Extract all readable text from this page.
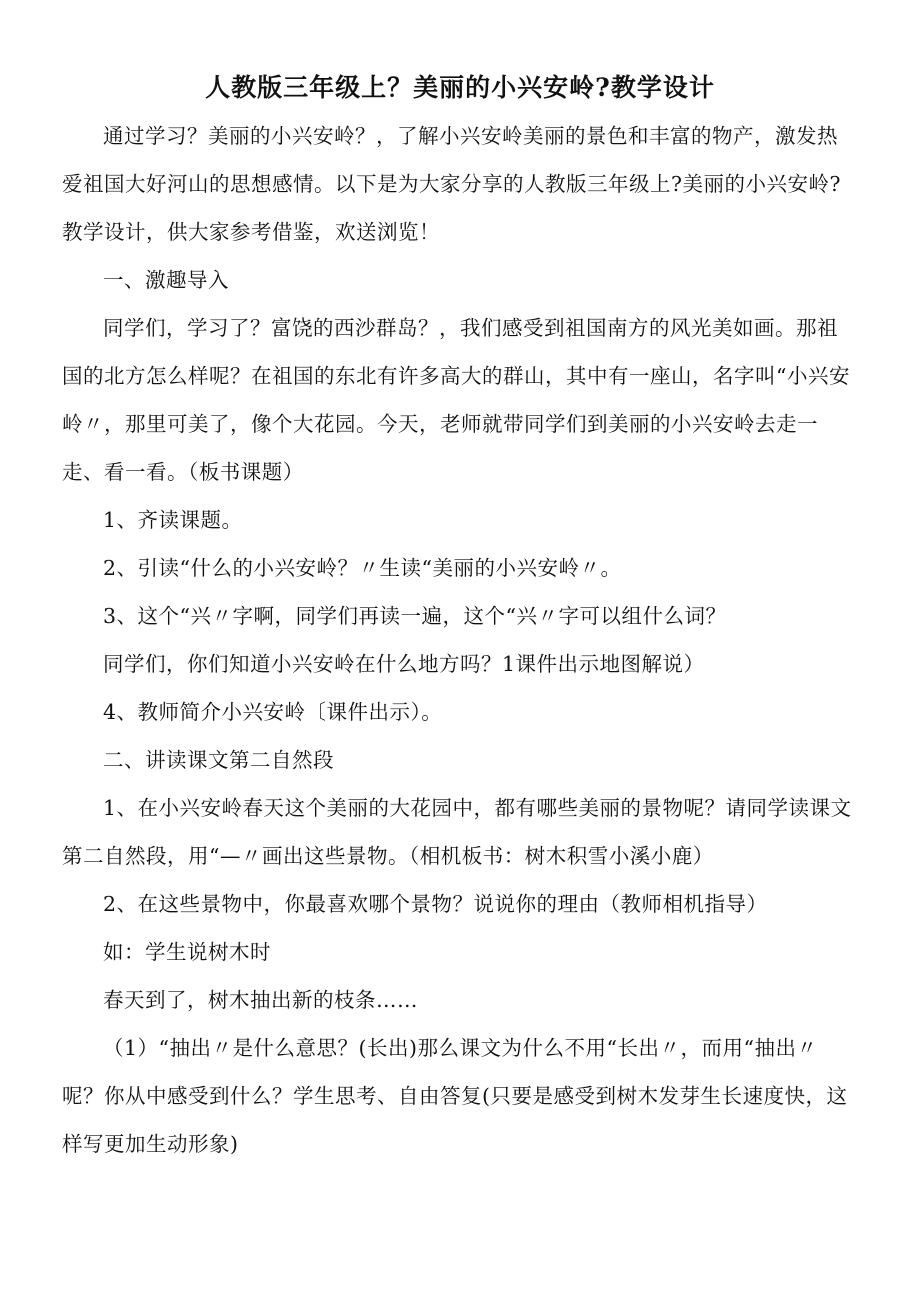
人教版三年级上？美丽的小兴安岭?教学设计

通过学习？美丽的小兴安岭？，了解小兴安岭美丽的景色和丰富的物产，激发热爱祖国大好河山的思想感情。以下是为大家分享的人教版三年级上?美丽的小兴安岭?教学设计，供大家参考借鉴，欢送浏览！

一、激趣导入

同学们，学习了？富饶的西沙群岛？，我们感受到祖国南方的风光美如画。那祖国的北方怎么样呢？在祖国的东北有许多高大的群山，其中有一座山，名字叫“小兴安岭〃，那里可美了，像个大花园。今天，老师就带同学们到美丽的小兴安岭去走一走、看一看。（板书课题）

1、齐读课题。

2、引读“什么的小兴安岭？〃生读“美丽的小兴安岭〃。

3、这个“兴〃字啊，同学们再读一遍，这个“兴〃字可以组什么词？

同学们，你们知道小兴安岭在什么地方吗？1课件出示地图解说）

4、教师简介小兴安岭〔课件出示）。

二、讲读课文第二自然段

1、在小兴安岭春天这个美丽的大花园中，都有哪些美丽的景物呢？请同学读课文第二自然段，用“—〃画出这些景物。（相机板书：树木积雪小溪小鹿）

2、在这些景物中，你最喜欢哪个景物？说说你的理由（教师相机指导）

如：学生说树木时

春天到了，树木抽出新的枝条……

（1）“抽出〃是什么意思？(长出)那么课文为什么不用“长出〃，而用“抽出〃呢？你从中感受到什么？学生思考、自由答复(只要是感受到树木发芽生长速度快，这样写更加生动形象)
